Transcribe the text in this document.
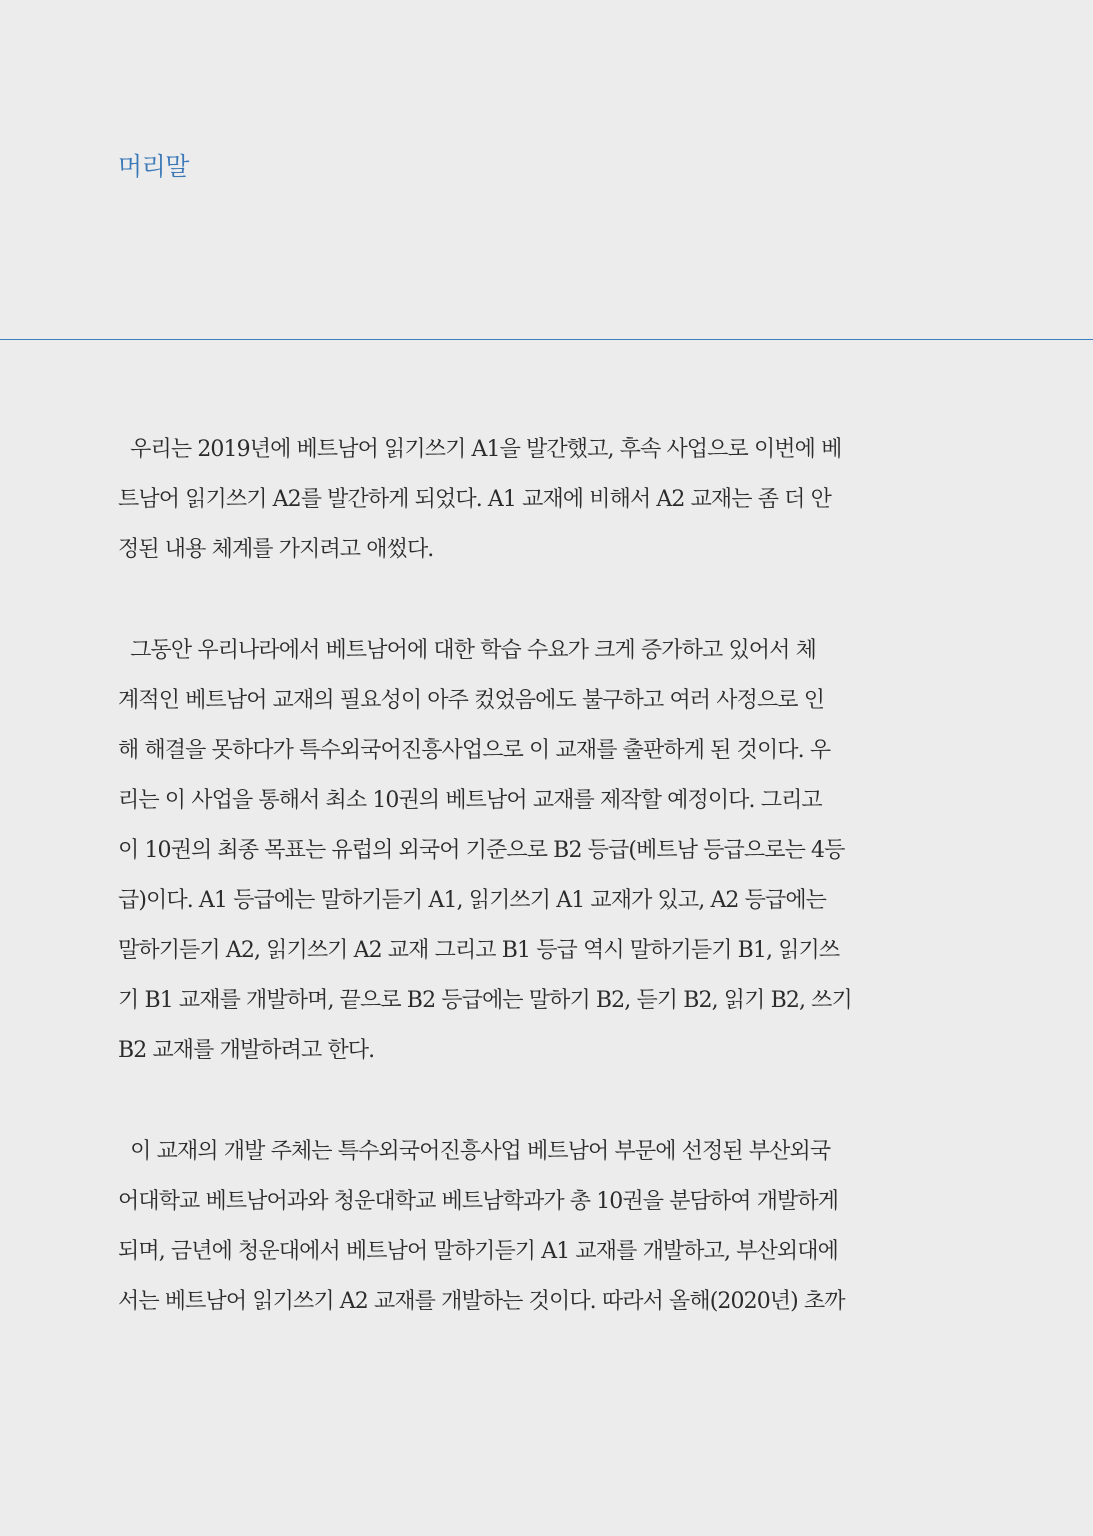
머리말

우리는 2019년에 베트남어 읽기쓰기 A1을 발간했고, 후속 사업으로 이번에 베
트남어 읽기쓰기 A2를 발간하게 되었다. A1 교재에 비해서 A2 교재는 좀 더 안
정된 내용 체계를 가지려고 애썼다.

그동안 우리나라에서 베트남어에 대한 학습 수요가 크게 증가하고 있어서 체
계적인 베트남어 교재의 필요성이 아주 컸었음에도 불구하고 여러 사정으로 인
해 해결을 못하다가 특수외국어진흥사업으로 이 교재를 출판하게 된 것이다. 우
리는 이 사업을 통해서 최소 10권의 베트남어 교재를 제작할 예정이다. 그리고
이 10권의 최종 목표는 유럽의 외국어 기준으로 B2 등급(베트남 등급으로는 4등
급)이다. A1 등급에는 말하기듣기 A1, 읽기쓰기 A1 교재가 있고, A2 등급에는
말하기듣기 A2, 읽기쓰기 A2 교재 그리고 B1 등급 역시 말하기듣기 B1, 읽기쓰
기 B1 교재를 개발하며, 끝으로 B2 등급에는 말하기 B2, 듣기 B2, 읽기 B2, 쓰기
B2 교재를 개발하려고 한다.

이 교재의 개발 주체는 특수외국어진흥사업 베트남어 부문에 선정된 부산외국
어대학교 베트남어과와 청운대학교 베트남학과가 총 10권을 분담하여 개발하게
되며, 금년에 청운대에서 베트남어 말하기듣기 A1 교재를 개발하고, 부산외대에
서는 베트남어 읽기쓰기 A2 교재를 개발하는 것이다. 따라서 올해(2020년) 초까
